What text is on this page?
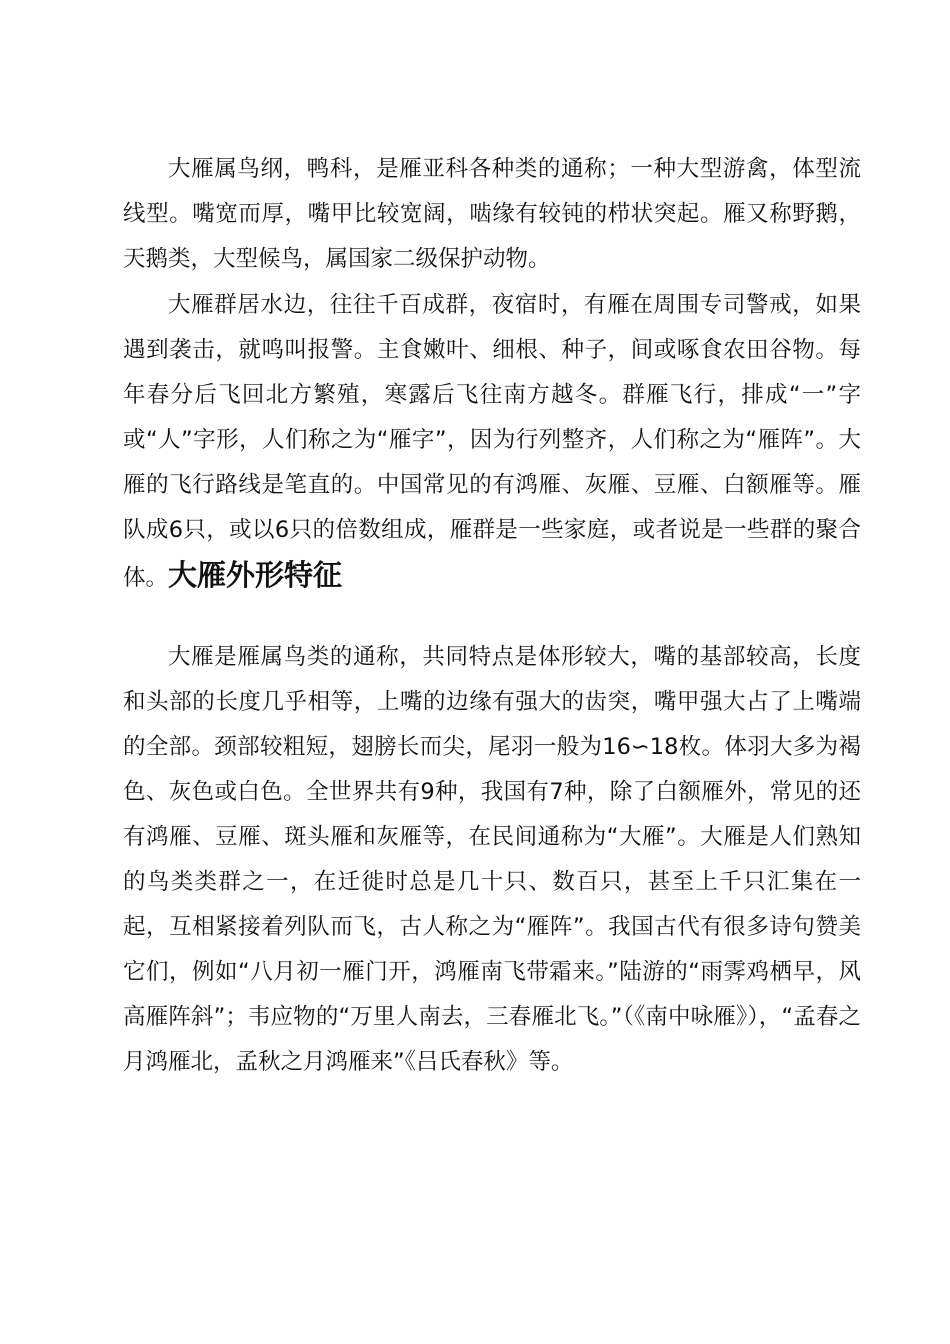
大雁属鸟纲，鸭科，是雁亚科各种类的通称；一种大型游禽，体型流线型。嘴宽而厚，嘴甲比较宽阔，啮缘有较钝的栉状突起。雁又称野鹅，天鹅类，大型候鸟，属国家二级保护动物。

大雁群居水边，往往千百成群，夜宿时，有雁在周围专司警戒，如果遇到袭击，就鸣叫报警。主食嫩叶、细根、种子，间或啄食农田谷物。每年春分后飞回北方繁殖，寒露后飞往南方越冬。群雁飞行，排成“一”字或“人”字形，人们称之为“雁字”，因为行列整齐，人们称之为“雁阵”。大雁的飞行路线是笔直的。中国常见的有鸿雁、灰雁、豆雁、白额雁等。雁队成6只，或以6只的倍数组成，雁群是一些家庭，或者说是一些群的聚合体。大雁外形特征

大雁是雁属鸟类的通称，共同特点是体形较大，嘴的基部较高，长度和头部的长度几乎相等，上嘴的边缘有强大的齿突，嘴甲强大占了上嘴端的全部。颈部较粗短，翅膀长而尖，尾羽一般为16∽18枚。体羽大多为褐色、灰色或白色。全世界共有9种，我国有7种，除了白额雁外，常见的还有鸿雁、豆雁、斑头雁和灰雁等，在民间通称为“大雁”。大雁是人们熟知的鸟类类群之一，在迁徙时总是几十只、数百只，甚至上千只汇集在一起，互相紧接着列队而飞，古人称之为“雁阵”。我国古代有很多诗句赞美它们，例如“八月初一雁门开，鸿雁南飞带霜来。”陆游的“雨霁鸡栖早，风高雁阵斜”；韦应物的“万里人南去，三春雁北飞。”（《南中咏雁》），“孟春之月鸿雁北，孟秋之月鸿雁来”《吕氏春秋》等。
